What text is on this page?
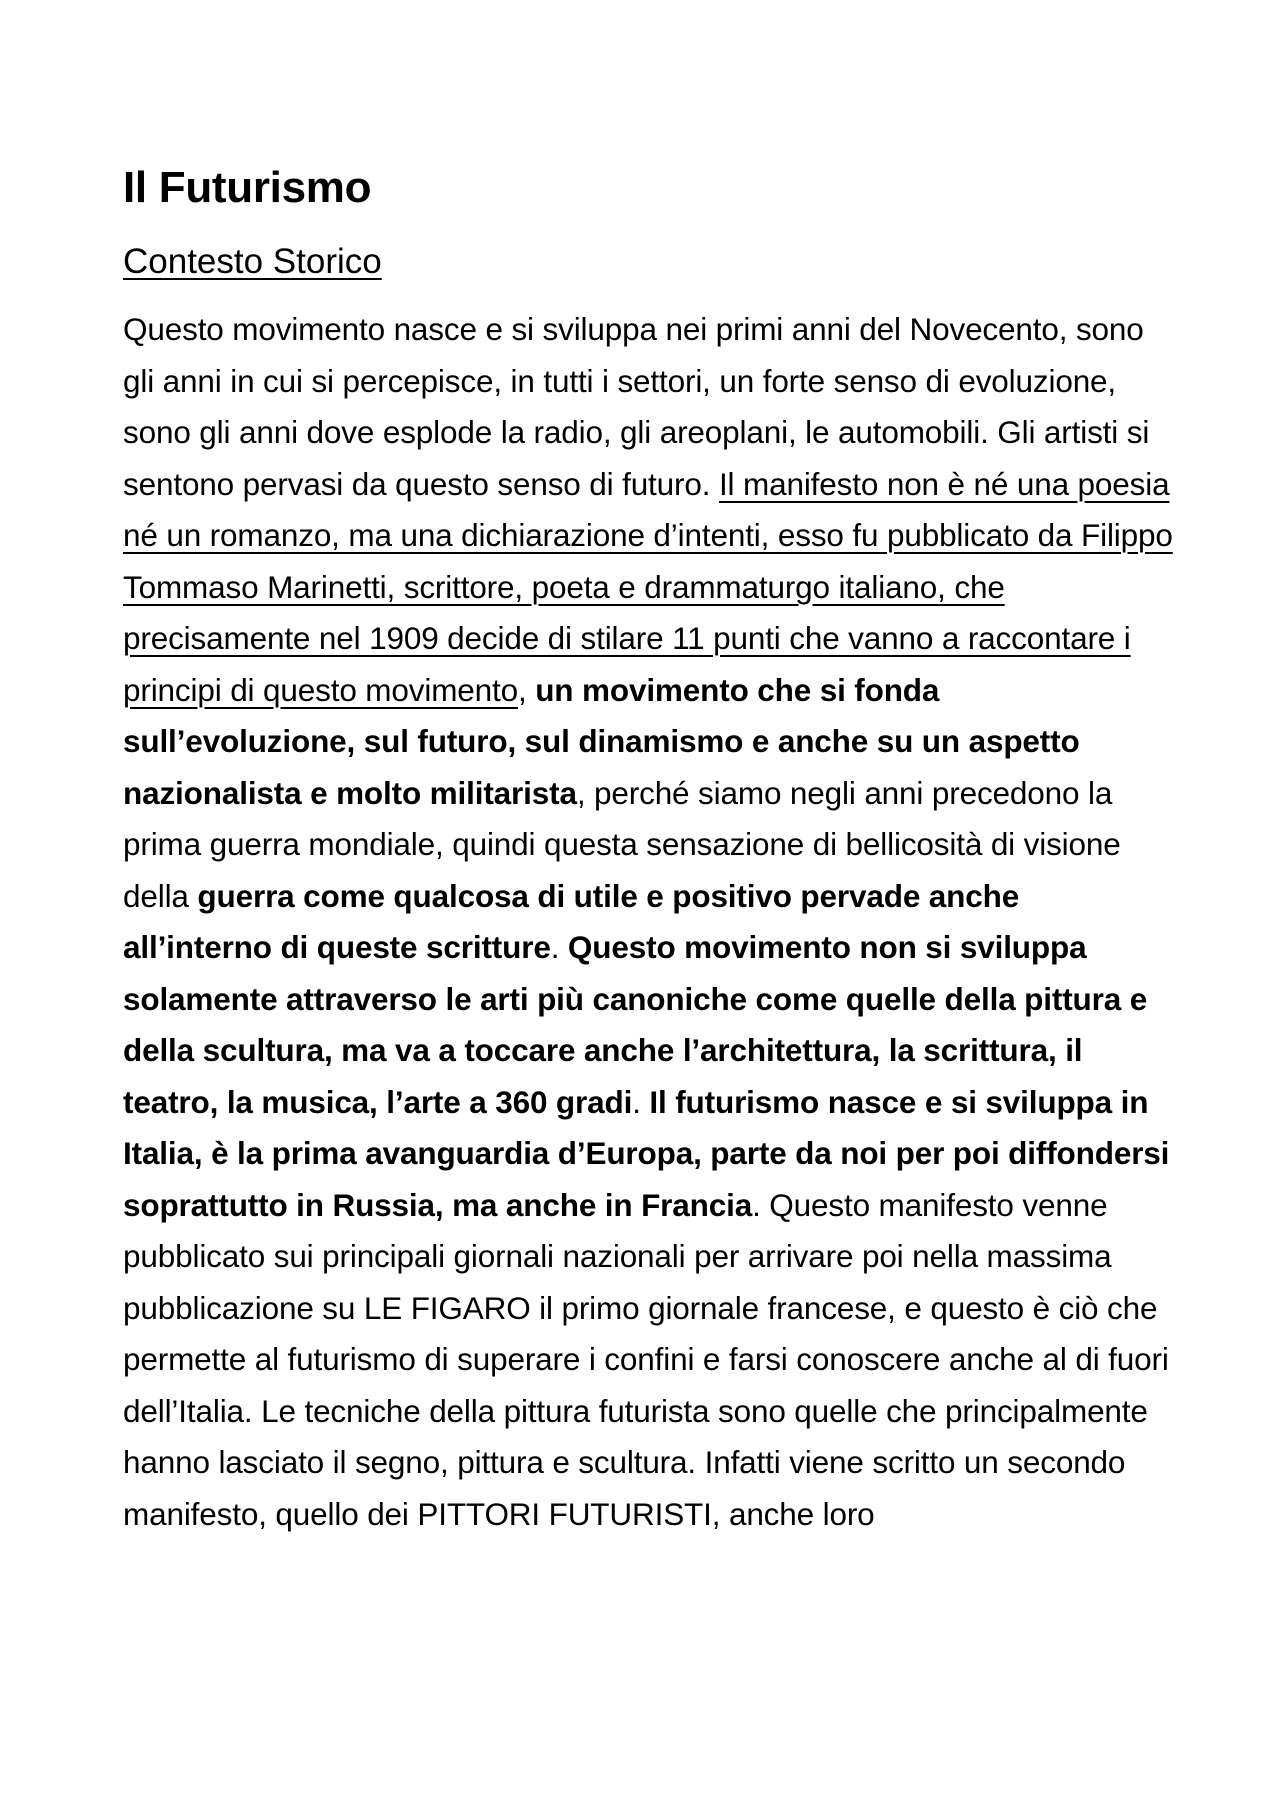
Il Futurismo
Contesto Storico

Questo movimento nasce e si sviluppa nei primi anni del Novecento, sono gli anni in cui si percepisce, in tutti i settori, un forte senso di evoluzione, sono gli anni dove esplode la radio, gli areoplani, le automobili. Gli artisti si sentono pervasi da questo senso di futuro. Il manifesto non è né una poesia né un romanzo, ma una dichiarazione d’intenti, esso fu pubblicato da Filippo Tommaso Marinetti, scrittore, poeta e drammaturgo italiano, che precisamente nel 1909 decide di stilare 11 punti che vanno a raccontare i principi di questo movimento, un movimento che si fonda sull’evoluzione, sul futuro, sul dinamismo e anche su un aspetto nazionalista e molto militarista, perché siamo negli anni precedono la prima guerra mondiale, quindi questa sensazione di bellicosità di visione della guerra come qualcosa di utile e positivo pervade anche all’interno di queste scritture. Questo movimento non si sviluppa solamente attraverso le arti più canoniche come quelle della pittura e della scultura, ma va a toccare anche l’architettura, la scrittura, il teatro, la musica, l’arte a 360 gradi. Il futurismo nasce e si sviluppa in Italia, è la prima avanguardia d’Europa, parte da noi per poi diffondersi soprattutto in Russia, ma anche in Francia. Questo manifesto venne pubblicato sui principali giornali nazionali per arrivare poi nella massima pubblicazione su LE FIGARO il primo giornale francese, e questo è ciò che permette al futurismo di superare i confini e farsi conoscere anche al di fuori dell’Italia. Le tecniche della pittura futurista sono quelle che principalmente hanno lasciato il segno, pittura e scultura. Infatti viene scritto un secondo manifesto, quello dei PITTORI FUTURISTI, anche loro
